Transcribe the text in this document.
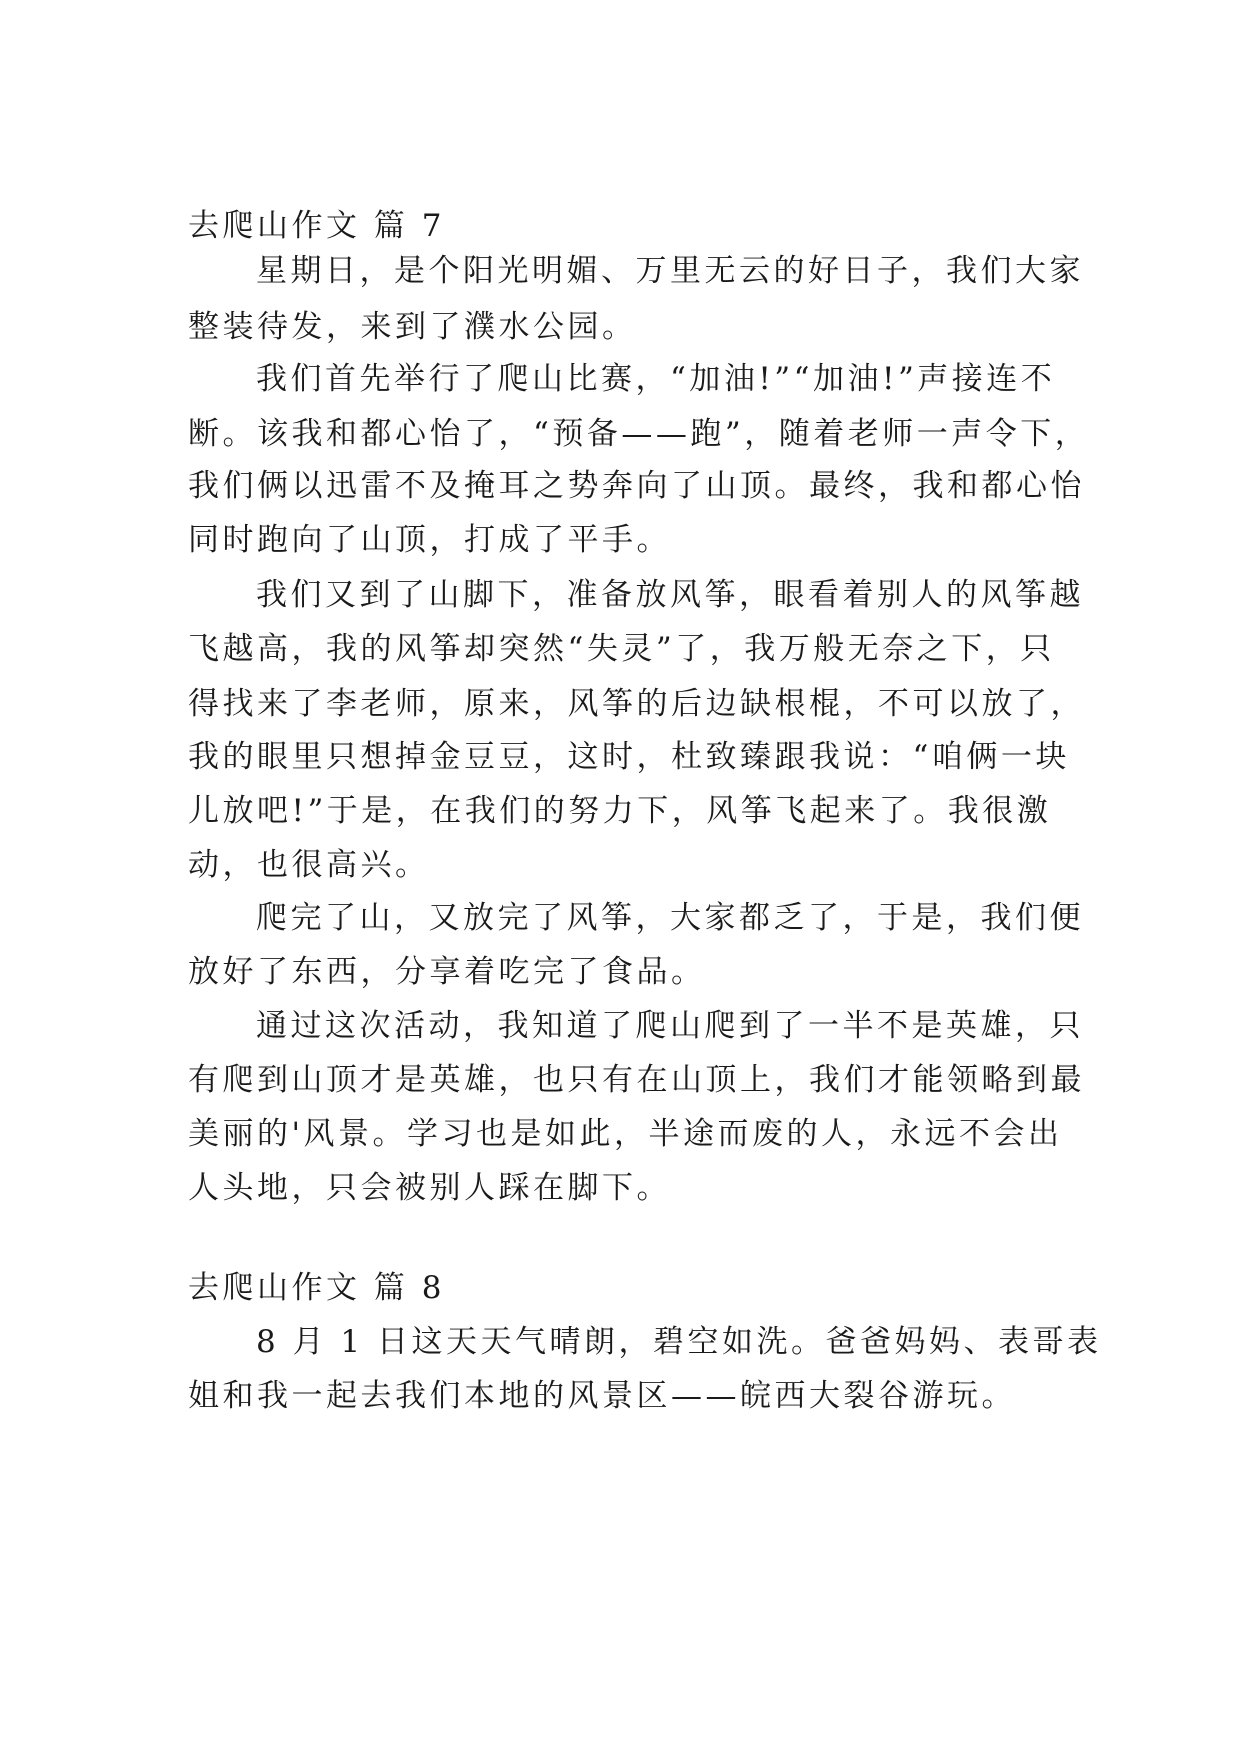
去爬山作文 篇 7
星期日，是个阳光明媚、万里无云的好日子，我们大家
整装待发，来到了濮水公园。
我们首先举行了爬山比赛，“加油!”“加油!”声接连不
断。该我和都心怡了，“预备——跑”，随着老师一声令下，
我们俩以迅雷不及掩耳之势奔向了山顶。最终，我和都心怡
同时跑向了山顶，打成了平手。
我们又到了山脚下，准备放风筝，眼看着别人的风筝越
飞越高，我的风筝却突然“失灵”了，我万般无奈之下，只
得找来了李老师，原来，风筝的后边缺根棍，不可以放了，
我的眼里只想掉金豆豆，这时，杜致臻跟我说：“咱俩一块
儿放吧!”于是，在我们的努力下，风筝飞起来了。我很激
动，也很高兴。
爬完了山，又放完了风筝，大家都乏了，于是，我们便
放好了东西，分享着吃完了食品。
通过这次活动，我知道了爬山爬到了一半不是英雄，只
有爬到山顶才是英雄，也只有在山顶上，我们才能领略到最
美丽的'风景。学习也是如此，半途而废的人，永远不会出
人头地，只会被别人踩在脚下。
去爬山作文 篇 8
8 月 1 日这天天气晴朗，碧空如洗。爸爸妈妈、表哥表
姐和我一起去我们本地的风景区——皖西大裂谷游玩。
